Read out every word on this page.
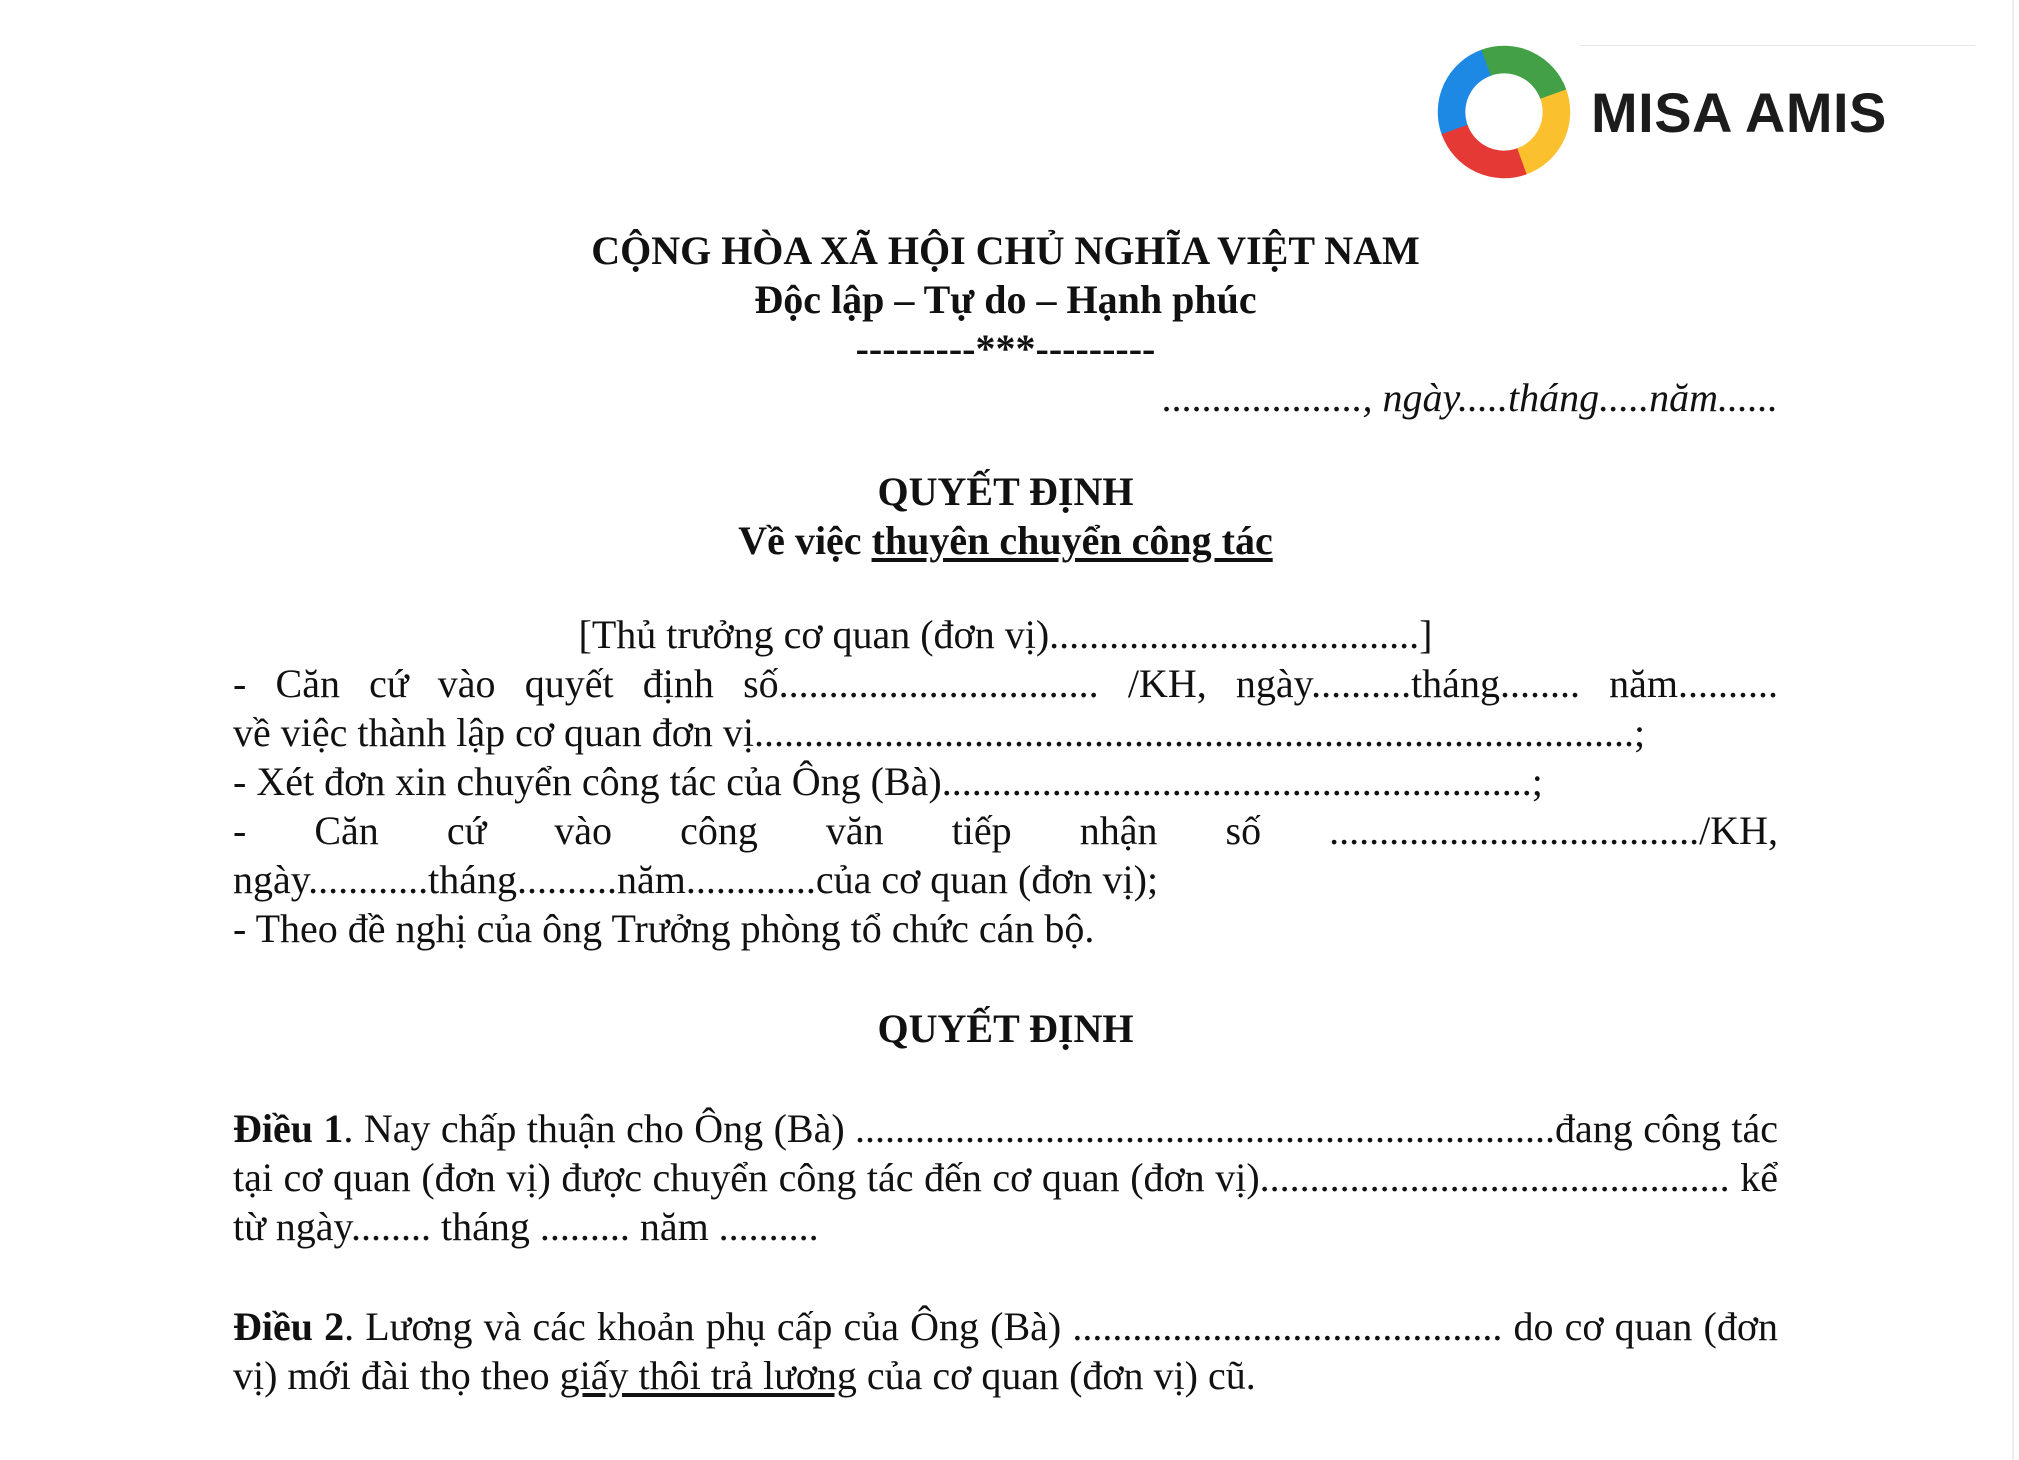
MISA AMIS

CỘNG HÒA XÃ HỘI CHỦ NGHĨA VIỆT NAM

Độc lập – Tự do – Hạnh phúc

---------***---------

...................., ngày.....tháng.....năm......

QUYẾT ĐỊNH

Về việc thuyên chuyển công tác

[Thủ trưởng cơ quan (đơn vị).....................................]

- Căn cứ vào quyết định số................................ /KH, ngày..........tháng........ năm..........

về việc thành lập cơ quan đơn vị........................................................................................;

- Xét đơn xin chuyển công tác của Ông (Bà)...........................................................;

- Căn cứ vào công văn tiếp nhận số ...................................../KH,

ngày............tháng..........năm.............của cơ quan (đơn vị);

- Theo đề nghị của ông Trưởng phòng tổ chức cán bộ.

QUYẾT ĐỊNH

Điều 1. Nay chấp thuận cho Ông (Bà) ......................................................................đang công tác tại cơ quan (đơn vị) được chuyển công tác đến cơ quan (đơn vị)............................................... kể từ ngày........ tháng ......... năm ..........

Điều 2. Lương và các khoản phụ cấp của Ông (Bà) ........................................... do cơ quan (đơn vị) mới đài thọ theo giấy thôi trả lương của cơ quan (đơn vị) cũ.
